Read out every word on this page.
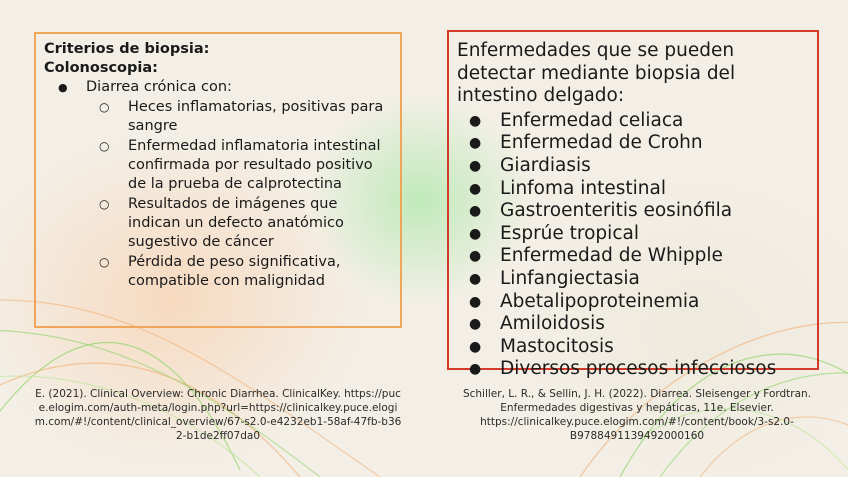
Criterios de biopsia:
Colonoscopia:
● Diarrea crónica con:
○ Heces inflamatorias, positivas para sangre
○ Enfermedad inflamatoria intestinal confirmada por resultado positivo de la prueba de calprotectina
○ Resultados de imágenes que indican un defecto anatómico sugestivo de cáncer
○ Pérdida de peso significativa, compatible con malignidad
Enfermedades que se pueden detectar mediante biopsia del intestino delgado:
● Enfermedad celiaca
● Enfermedad de Crohn
● Giardiasis
● Linfoma intestinal
● Gastroenteritis eosinófila
● Esprúe tropical
● Enfermedad de Whipple
● Linfangiectasia
● Abetalipoproteinemia
● Amiloidosis
● Mastocitosis
● Diversos procesos infecciosos
E. (2021). Clinical Overview: Chronic Diarrhea. ClinicalKey. https://puce.elogim.com/auth-meta/login.php?url=https://clinicalkey.puce.elogim.com/#!/content/clinical_overview/67-s2.0-e4232eb1-58af-47fb-b362-b1de2ff07da0
Schiller, L. R., & Sellin, J. H. (2022). Diarrea. Sleisenger y Fordtran. Enfermedades digestivas y hepáticas, 11e. Elsevier. https://clinicalkey.puce.elogim.com/#!/content/book/3-s2.0-B9788491139492000160
